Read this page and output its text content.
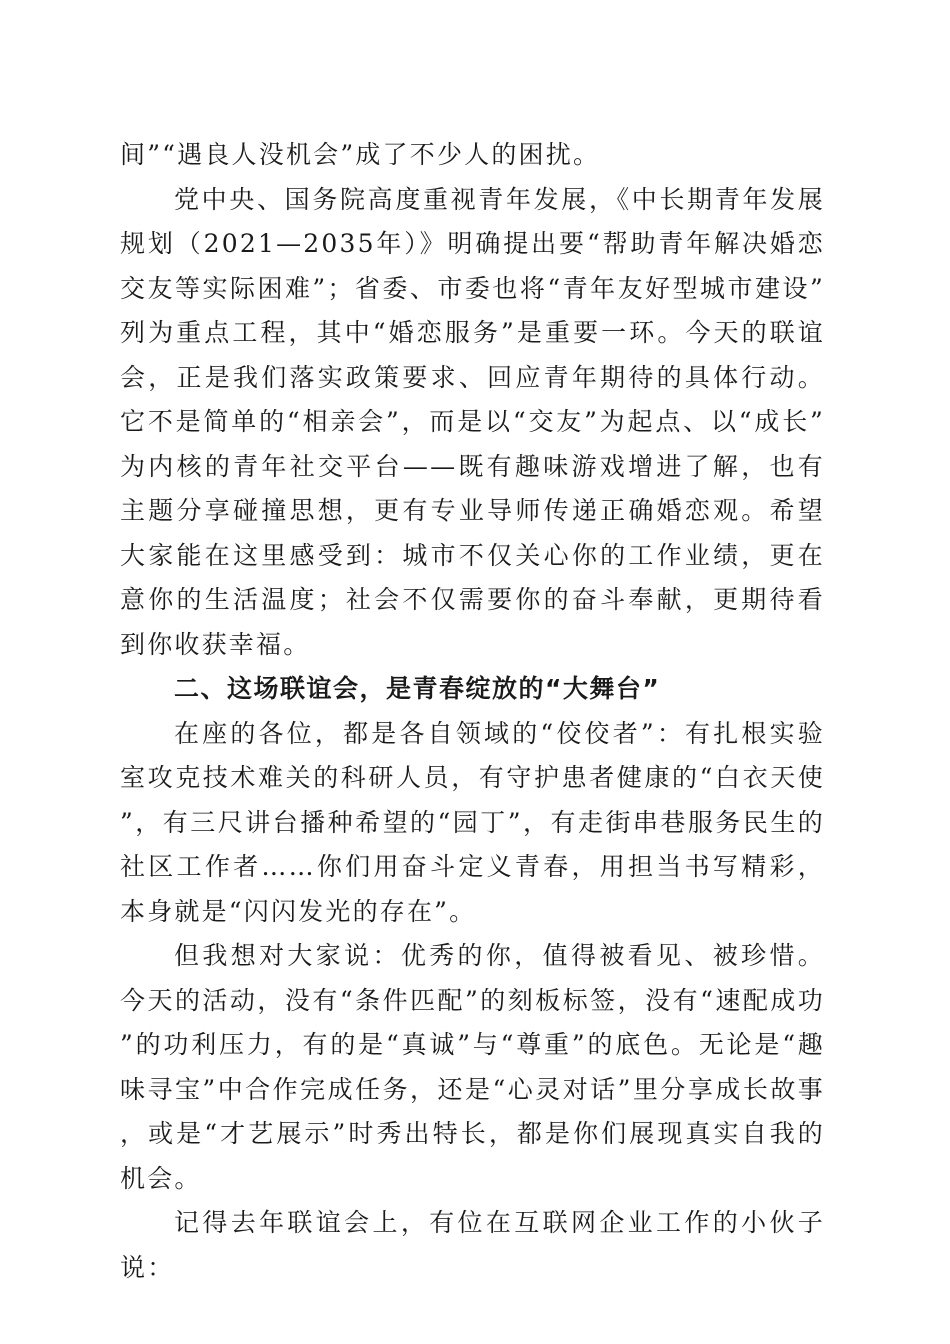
间”“遇良人没机会”成了不少人的困扰。

党中央、国务院高度重视青年发展，《中长期青年发展规划（2021—2035年）》明确提出要“帮助青年解决婚恋交友等实际困难”；省委、市委也将“青年友好型城市建设”列为重点工程，其中“婚恋服务”是重要一环。今天的联谊会，正是我们落实政策要求、回应青年期待的具体行动。它不是简单的“相亲会”，而是以“交友”为起点、以“成长”为内核的青年社交平台——既有趣味游戏增进了解，也有主题分享碰撞思想，更有专业导师传递正确婚恋观。希望大家能在这里感受到：城市不仅关心你的工作业绩，更在意你的生活温度；社会不仅需要你的奋斗奉献，更期待看到你收获幸福。

二、这场联谊会，是青春绽放的“大舞台”

在座的各位，都是各自领域的“佼佼者”：有扎根实验室攻克技术难关的科研人员，有守护患者健康的“白衣天使”，有三尺讲台播种希望的“园丁”，有走街串巷服务民生的社区工作者……你们用奋斗定义青春，用担当书写精彩，本身就是“闪闪发光的存在”。

但我想对大家说：优秀的你，值得被看见、被珍惜。今天的活动，没有“条件匹配”的刻板标签，没有“速配成功”的功利压力，有的是“真诚”与“尊重”的底色。无论是“趣味寻宝”中合作完成任务，还是“心灵对话”里分享成长故事，或是“才艺展示”时秀出特长，都是你们展现真实自我的机会。

记得去年联谊会上，有位在互联网企业工作的小伙子说：
